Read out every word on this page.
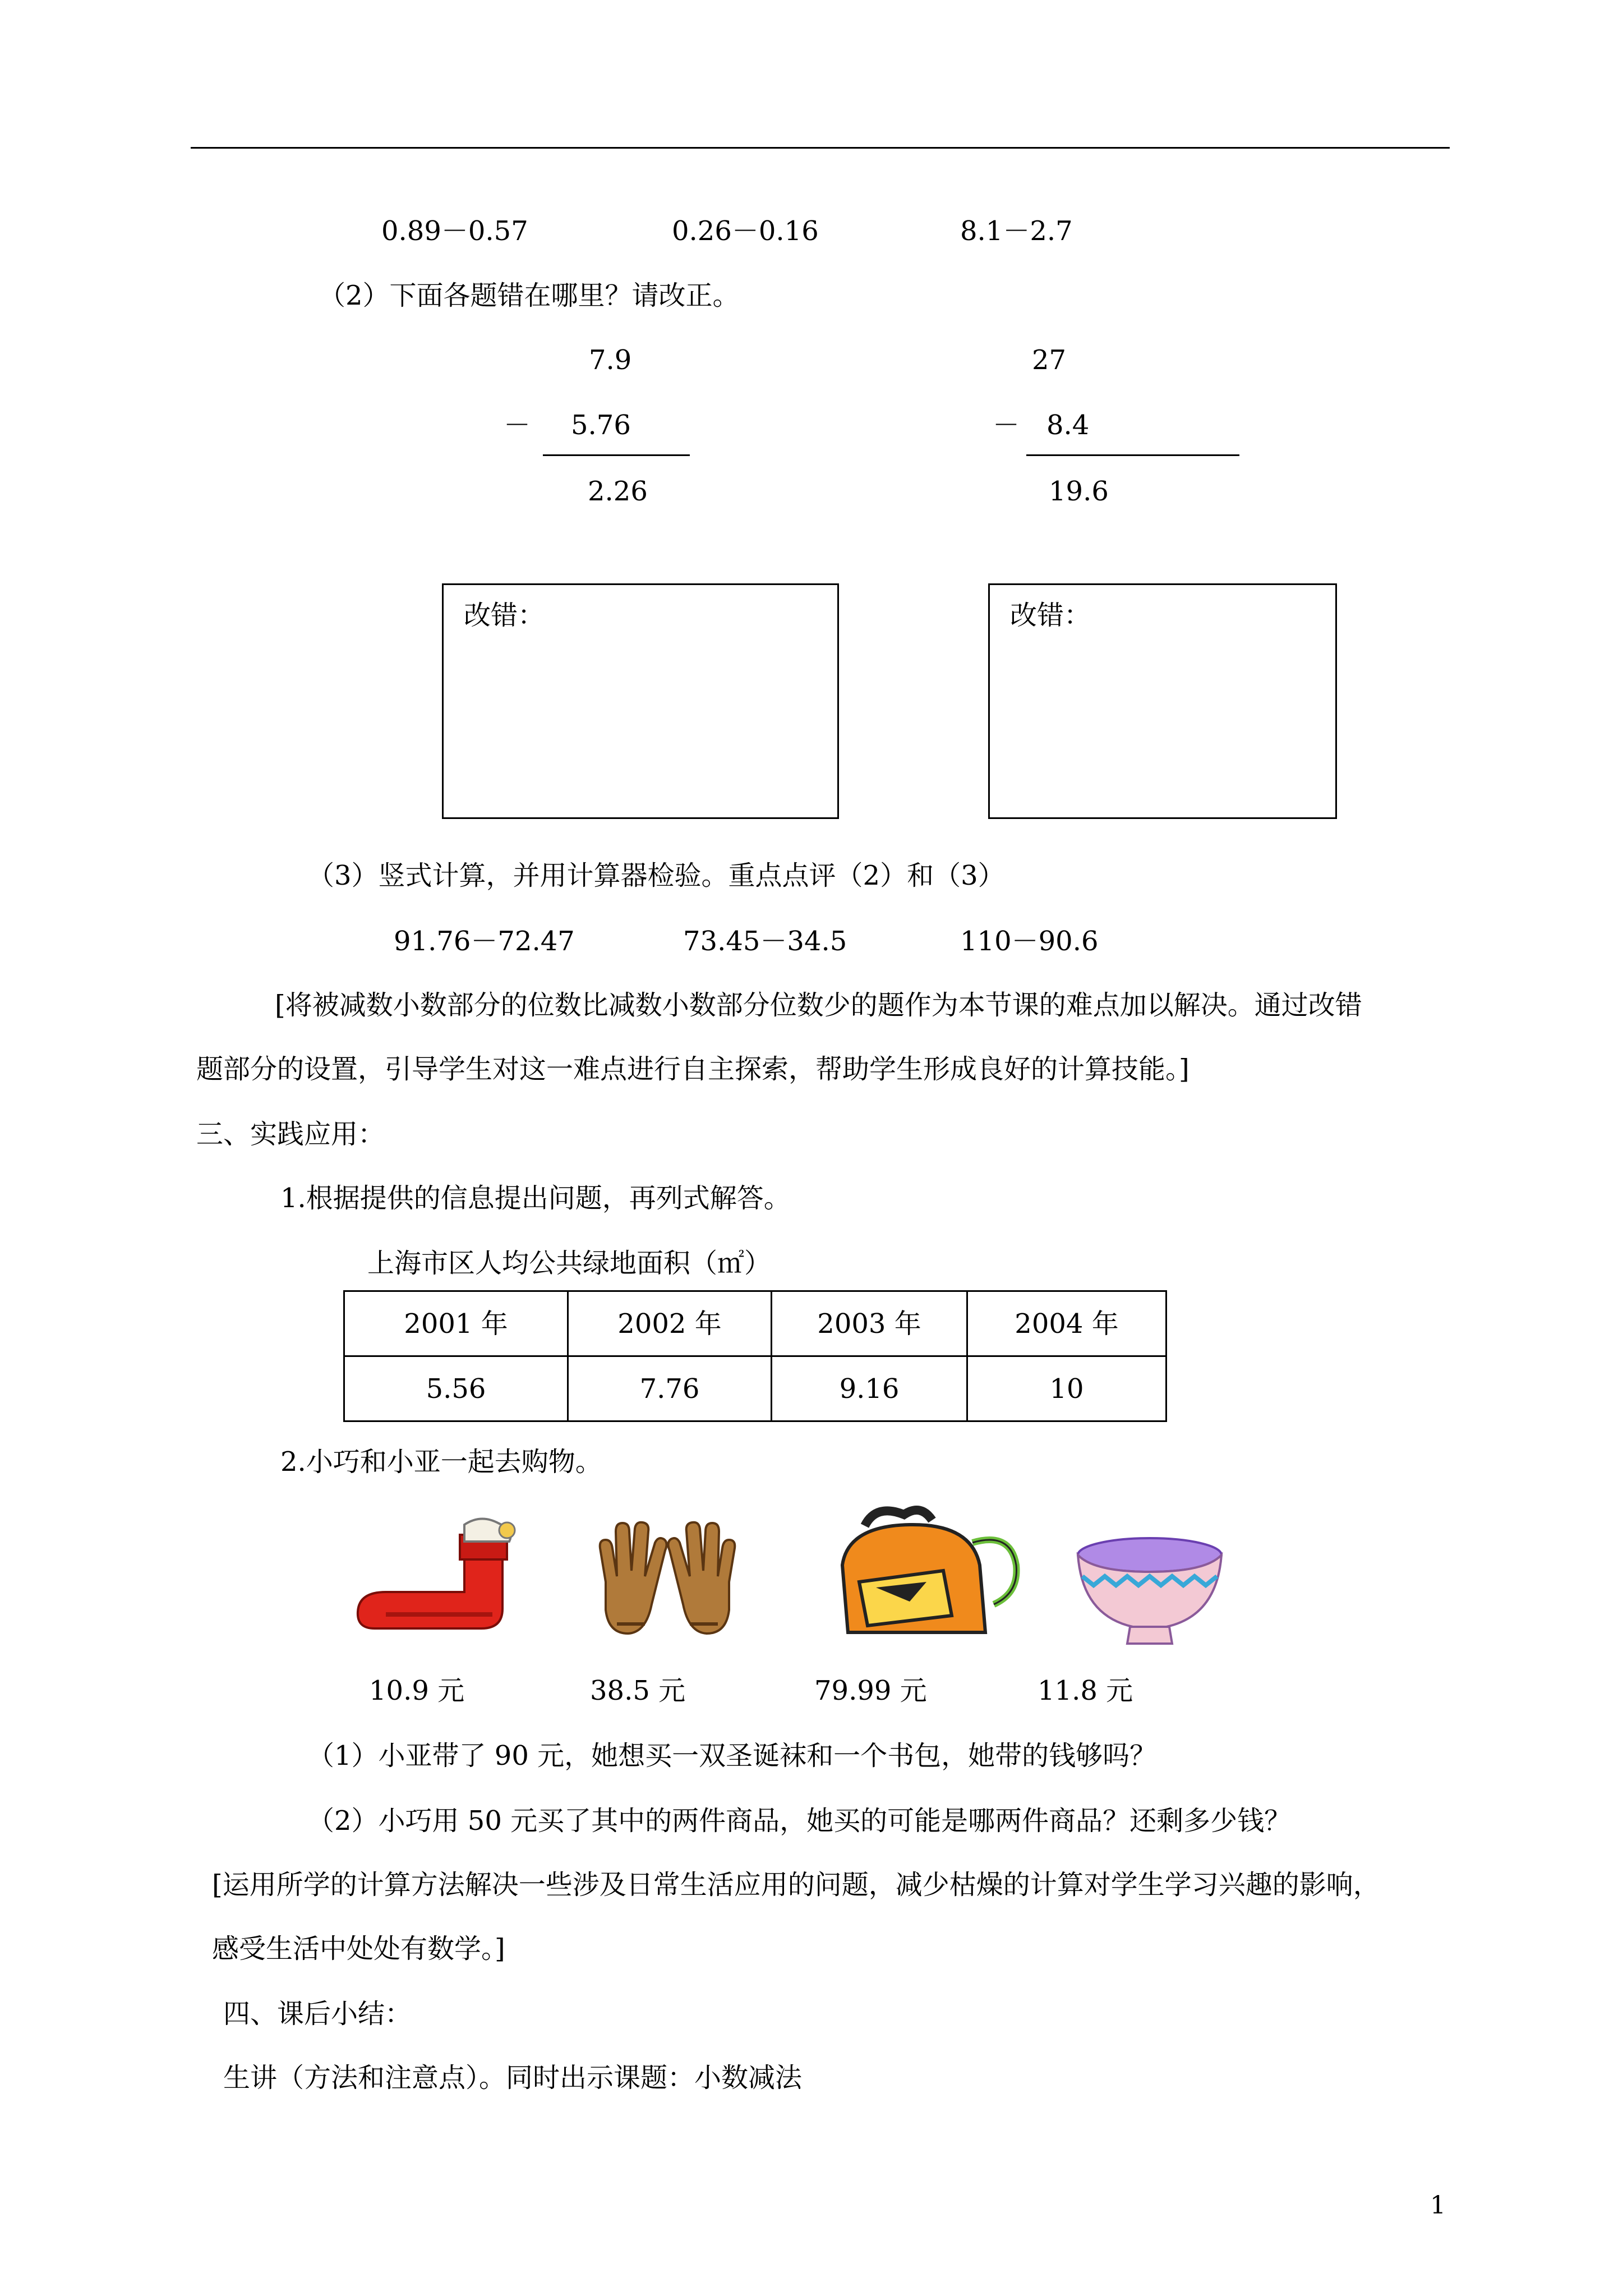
0.89－0.57	0.26－0.16	8.1－2.7
（2）下面各题错在哪里？请改正。
7.9
－ 5.76
2.26
27
－ 8.4
19.6
改错：	改错：
（3）竖式计算，并用计算器检验。重点点评（2）和（3）
91.76－72.47	73.45－34.5	110－90.6
[将被减数小数部分的位数比减数小数部分位数少的题作为本节课的难点加以解决。通过改错
题部分的设置，引导学生对这一难点进行自主探索，帮助学生形成良好的计算技能。]
三、实践应用：
1.根据提供的信息提出问题，再列式解答。
上海市区人均公共绿地面积（㎡）
2001 年	2002 年	2003 年	2004 年
5.56	7.76	9.16	10
2.小巧和小亚一起去购物。
10.9 元	38.5 元	79.99 元	11.8 元
（1）小亚带了 90 元，她想买一双圣诞袜和一个书包，她带的钱够吗？
（2）小巧用 50 元买了其中的两件商品，她买的可能是哪两件商品？还剩多少钱？
[运用所学的计算方法解决一些涉及日常生活应用的问题，减少枯燥的计算对学生学习兴趣的影响，
感受生活中处处有数学。]
四、课后小结：
生讲（方法和注意点）。同时出示课题：小数减法
1
